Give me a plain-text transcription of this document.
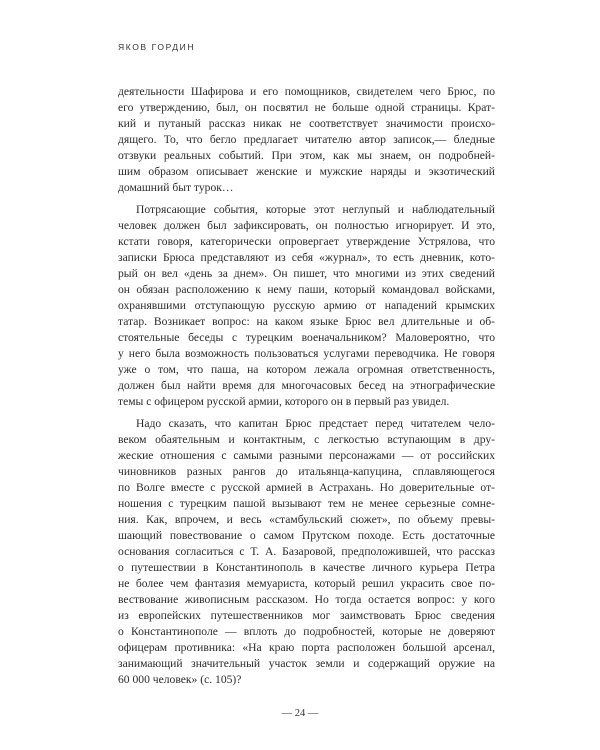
ЯКОВ ГОРДИН
деятельности Шафирова и его помощников, свидетелем чего Брюс, по
его утверждению, был, он посвятил не больше одной страницы. Крат-
кий и путаный рассказ никак не соответствует значимости происхо-
дящего. То, что бегло предлагает читателю автор записок,— бледные
отзвуки реальных событий. При этом, как мы знаем, он подробней-
шим образом описывает женские и мужские наряды и экзотический
домашний быт турок…
Потрясающие события, которые этот неглупый и наблюдательный
человек должен был зафиксировать, он полностью игнорирует. И это,
кстати говоря, категорически опровергает утверждение Устрялова, что
записки Брюса представляют из себя «журнал», то есть дневник, кото-
рый он вел «день за днем». Он пишет, что многими из этих сведений
он обязан расположению к нему паши, который командовал войсками,
охранявшими отступающую русскую армию от нападений крымских
татар. Возникает вопрос: на каком языке Брюс вел длительные и об-
стоятельные беседы с турецким военачальником? Маловероятно, что
у него была возможность пользоваться услугами переводчика. Не говоря
уже о том, что паша, на котором лежала огромная ответственность,
должен был найти время для многочасовых бесед на этнографические
темы с офицером русской армии, которого он в первый раз увидел.
Надо сказать, что капитан Брюс предстает перед читателем чело-
веком обаятельным и контактным, с легкостью вступающим в дру-
жеские отношения с самыми разными персонажами — от российских
чиновников разных рангов до итальянца-капуцина, сплавляющегося
по Волге вместе с русской армией в Астрахань. Но доверительные от-
ношения с турецким пашой вызывают тем не менее серьезные сомне-
ния. Как, впрочем, и весь «стамбульский сюжет», по объему превы-
шающий повествование о самом Прутском походе. Есть достаточные
основания согласиться с Т. А. Базаровой, предположившей, что рассказ
о путешествии в Константинополь в качестве личного курьера Петра
не более чем фантазия мемуариста, который решил украсить свое по-
вествование живописным рассказом. Но тогда остается вопрос: у кого
из европейских путешественников мог заимствовать Брюс сведения
о Константинополе — вплоть до подробностей, которые не доверяют
офицерам противника: «На краю порта расположен большой арсенал,
занимающий значительный участок земли и содержащий оружие на
60 000 человек» (с. 105)?
— 24 —
